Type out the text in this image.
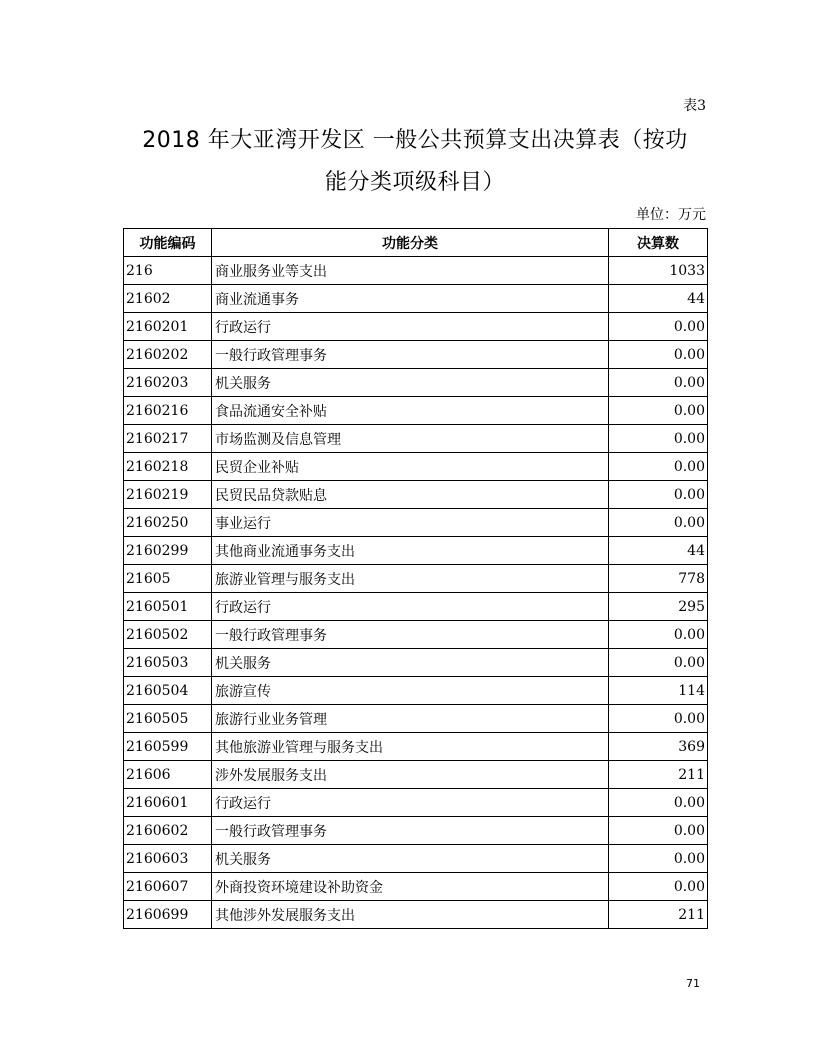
表3
2018 年大亚湾开发区 一般公共预算支出决算表（按功
能分类项级科目）
单位：万元
功能编码	功能分类	决算数
216	商业服务业等支出	1033
21602	商业流通事务	44
2160201	行政运行	0.00
2160202	一般行政管理事务	0.00
2160203	机关服务	0.00
2160216	食品流通安全补贴	0.00
2160217	市场监测及信息管理	0.00
2160218	民贸企业补贴	0.00
2160219	民贸民品贷款贴息	0.00
2160250	事业运行	0.00
2160299	其他商业流通事务支出	44
21605	旅游业管理与服务支出	778
2160501	行政运行	295
2160502	一般行政管理事务	0.00
2160503	机关服务	0.00
2160504	旅游宣传	114
2160505	旅游行业业务管理	0.00
2160599	其他旅游业管理与服务支出	369
21606	涉外发展服务支出	211
2160601	行政运行	0.00
2160602	一般行政管理事务	0.00
2160603	机关服务	0.00
2160607	外商投资环境建设补助资金	0.00
2160699	其他涉外发展服务支出	211
71
